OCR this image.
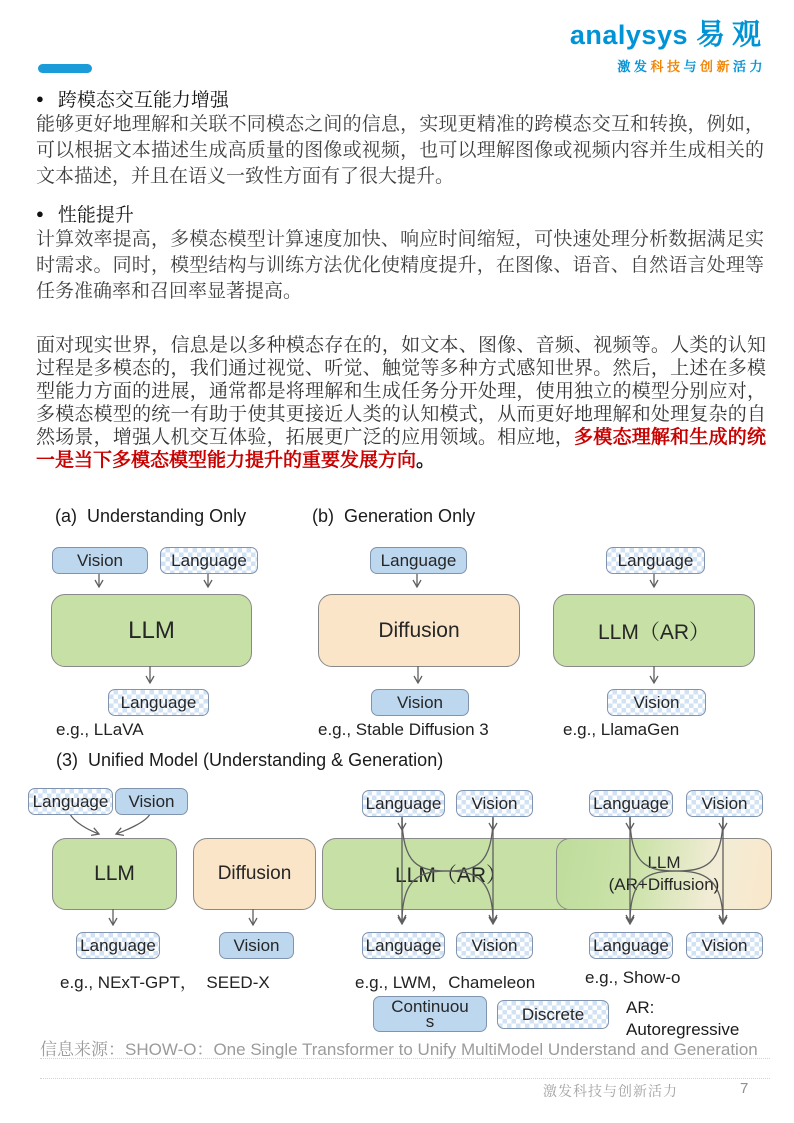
analysys 易观
激发科技与创新活力
● 跨模态交互能力增强
能够更好地理解和关联不同模态之间的信息，实现更精准的跨模态交互和转换，例如，可以根据文本描述生成高质量的图像或视频，也可以理解图像或视频内容并生成相关的文本描述，并且在语义一致性方面有了很大提升。
● 性能提升
计算效率提高，多模态模型计算速度加快、响应时间缩短，可快速处理分析数据满足实时需求。同时，模型结构与训练方法优化使精度提升，在图像、语音、自然语言处理等任务准确率和召回率显著提高。
面对现实世界，信息是以多种模态存在的，如文本、图像、音频、视频等。人类的认知过程是多模态的，我们通过视觉、听觉、触觉等多种方式感知世界。然后，上述在多模型能力方面的进展，通常都是将理解和生成任务分开处理，使用独立的模型分别应对，多模态模型的统一有助于使其更接近人类的认知模式，从而更好地理解和处理复杂的自然场景，增强人机交互体验，拓展更广泛的应用领域。相应地，多模态理解和生成的统一是当下多模态模型能力提升的重要发展方向。
(a)  Understanding Only	(b)  Generation Only
(3)  Unified Model (Understanding & Generation)
Vision	Language
LLM
Language
e.g., LLaVA
Language
Diffusion
Vision
e.g., Stable Diffusion 3
Language
LLM（AR）
Vision
e.g., LlamaGen
Language	Vision
LLM	Diffusion
Language	Vision
e.g., NExT-GPT，  SEED-X
Language	Vision
LLM（AR）
Language	Vision
e.g., LWM，Chameleon
Language	Vision
LLM
(AR+Diffusion)
Language	Vision
e.g., Show-o
Continuous	Discrete	AR: Autoregressive
信息来源：SHOW-O：One Single Transformer to Unify MultiModel Understand and Generation
激发科技与创新活力	7
